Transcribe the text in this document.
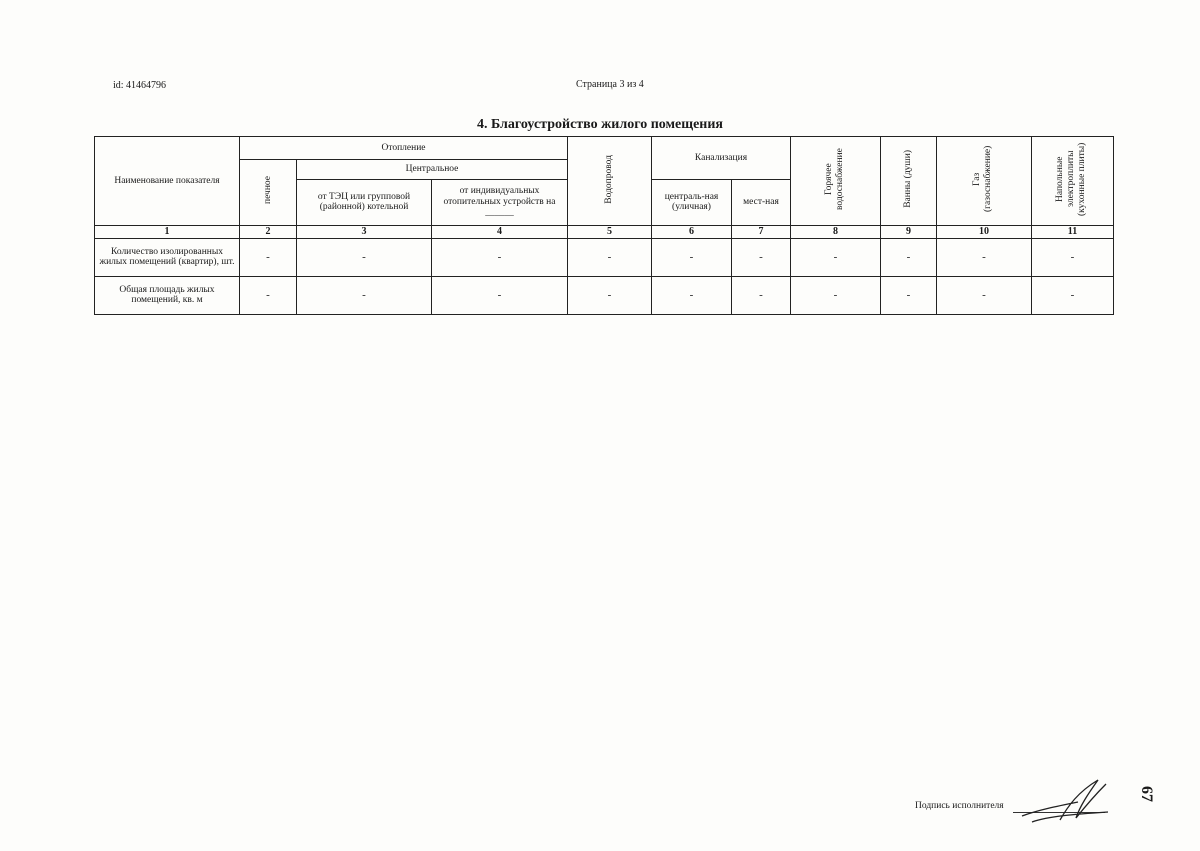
id: 41464796	Страница 3 из 4
4. Благоустройство жилого помещения
Наименование показателя	Отопление			Водопровод	Канализация		Горячее водоснабжение	Ванны (души)	Газ (газоснабжение)	Напольные электроплиты (кухонные плиты)
	печное	Центральное								
		от ТЭЦ или групповой (районной) котельной	от индивидуальных отопительных устройств на ______		централь-ная (уличная)	мест-ная				
1	2	3	4	5	6	7	8	9	10	11
Количество изолированных жилых помещений (квартир), шт.	-	-	-	-	-	-	-	-	-	-
Общая площадь жилых помещений, кв. м	-	-	-	-	-	-	-	-	-	-
Подпись исполнителя
67
